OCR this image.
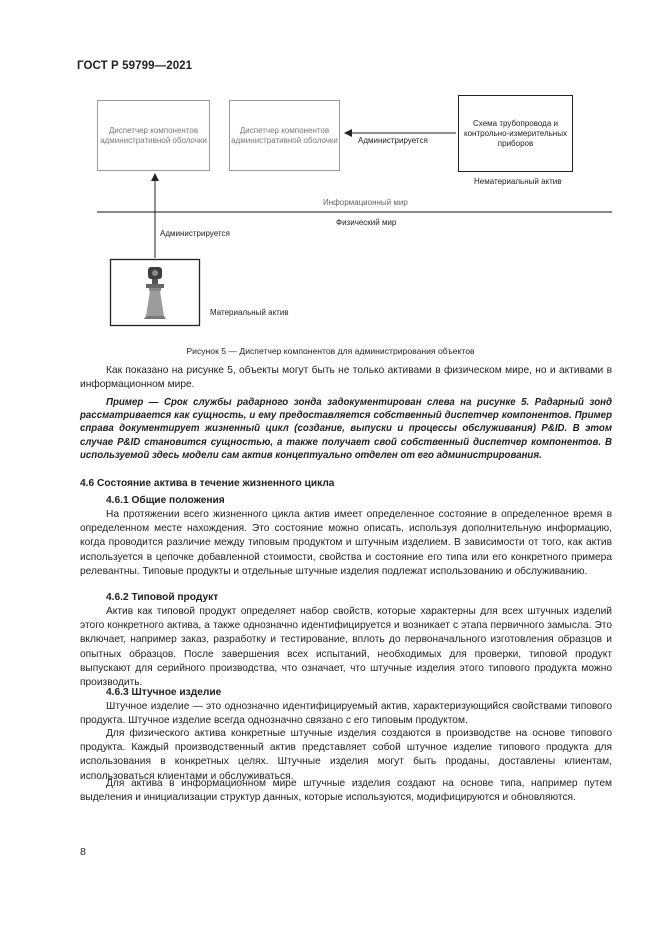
ГОСТ Р 59799—2021
Диспетчер компонентов административной оболочки
Диспетчер компонентов административной оболочки
Схема трубопровода и контрольно-измерительных приборов
Администрируется
Нематериальный актив
Информационный мир
Физический мир
Администрируется
Материальный актив
Рисунок 5 — Диспетчер компонентов для администрирования объектов

Как показано на рисунке 5, объекты могут быть не только активами в физическом мире, но и активами в информационном мире.

Пример — Срок службы радарного зонда задокументирован слева на рисунке 5. Радарный зонд рассматривается как сущность, и ему предоставляется собственный диспетчер компонентов. Пример справа документирует жизненный цикл (создание, выпуски и процессы обслуживания) P&ID. В этом случае P&ID становится сущностью, а также получает свой собственный диспетчер компонентов. В используемой здесь модели сам актив концептуально отделен от его администрирования.

4.6 Состояние актива в течение жизненного цикла

4.6.1 Общие положения

На протяжении всего жизненного цикла актив имеет определенное состояние в определенное время в определенном месте нахождения. Это состояние можно описать, используя дополнительную информацию, когда проводится различие между типовым продуктом и штучным изделием. В зависимости от того, как актив используется в цепочке добавленной стоимости, свойства и состояние его типа или его конкретного примера релевантны. Типовые продукты и отдельные штучные изделия подлежат использованию и обслуживанию.

4.6.2 Типовой продукт

Актив как типовой продукт определяет набор свойств, которые характерны для всех штучных изделий этого конкретного актива, а также однозначно идентифицируется и возникает с этапа первичного замысла. Это включает, например заказ, разработку и тестирование, вплоть до первоначального изготовления образцов и опытных образцов. После завершения всех испытаний, необходимых для проверки, типовой продукт выпускают для серийного производства, что означает, что штучные изделия этого типового продукта можно производить.

4.6.3 Штучное изделие

Штучное изделие — это однозначно идентифицируемый актив, характеризующийся свойствами типового продукта. Штучное изделие всегда однозначно связано с его типовым продуктом.

Для физического актива конкретные штучные изделия создаются в производстве на основе типового продукта. Каждый производственный актив представляет собой штучное изделие типового продукта для использования в конкретных целях. Штучные изделия могут быть проданы, доставлены клиентам, использоваться клиентами и обслуживаться.

Для актива в информационном мире штучные изделия создают на основе типа, например путем выделения и инициализации структур данных, которые используются, модифицируются и обновляются.

8
